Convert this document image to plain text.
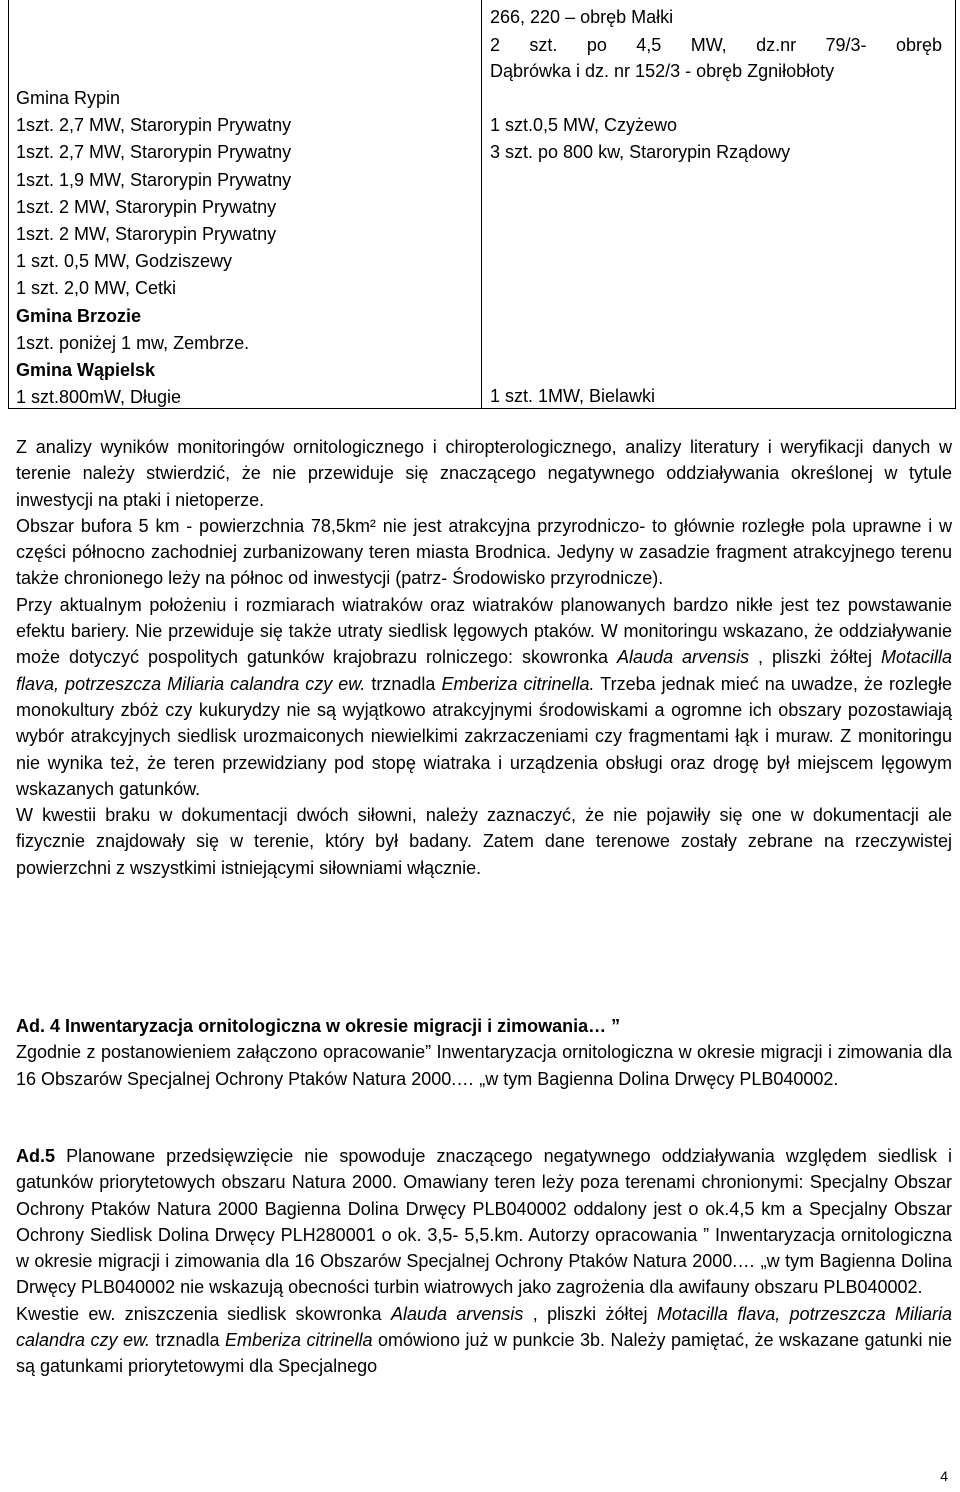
Gmina Rypin
1szt. 2,7 MW, Starorypin Prywatny
1szt. 2,7 MW, Starorypin Prywatny
1szt. 1,9 MW, Starorypin Prywatny
1szt. 2 MW, Starorypin Prywatny
1szt. 2 MW, Starorypin Prywatny
1 szt. 0,5 MW, Godziszewy
1 szt. 2,0 MW, Cetki
Gmina Brzozie
1szt. poniżej 1 mw, Zembrze.
Gmina Wąpielsk
1 szt.800mW, Długie
266, 220 – obręb Małki
2 szt. po 4,5 MW, dz.nr 79/3- obręb
Dąbrówka i dz. nr 152/3 - obręb Zgniłobłoty
1 szt.0,5 MW, Czyżewo
3 szt. po 800 kw, Starorypin Rządowy
1 szt. 1MW, Bielawki

Z analizy wyników monitoringów ornitologicznego i chiropterologicznego, analizy literatury i weryfikacji danych w terenie należy stwierdzić, że nie przewiduje się znaczącego negatywnego oddziaływania określonej w tytule inwestycji na ptaki i nietoperze.

Obszar bufora 5 km - powierzchnia 78,5km² nie jest atrakcyjna przyrodniczo- to głównie rozległe pola uprawne i w części północno zachodniej zurbanizowany teren miasta Brodnica. Jedyny w zasadzie fragment atrakcyjnego terenu także chronionego leży na północ od inwestycji (patrz- Środowisko przyrodnicze).

Przy aktualnym położeniu i rozmiarach wiatraków oraz wiatraków planowanych bardzo nikłe jest tez powstawanie efektu bariery. Nie przewiduje się także utraty siedlisk lęgowych ptaków. W monitoringu wskazano, że oddziaływanie może dotyczyć pospolitych gatunków krajobrazu rolniczego: skowronka Alauda arvensis , pliszki żółtej Motacilla flava, potrzeszcza Miliaria calandra czy ew. trznadla Emberiza citrinella. Trzeba jednak mieć na uwadze, że rozległe monokultury zbóż czy kukurydzy nie są wyjątkowo atrakcyjnymi środowiskami a ogromne ich obszary pozostawiają wybór atrakcyjnych siedlisk urozmaiconych niewielkimi zakrzaczeniami czy fragmentami łąk i muraw. Z monitoringu nie wynika też, że teren przewidziany pod stopę wiatraka i urządzenia obsługi oraz drogę był miejscem lęgowym wskazanych gatunków.

W kwestii braku w dokumentacji dwóch siłowni, należy zaznaczyć, że nie pojawiły się one w dokumentacji ale fizycznie znajdowały się w terenie, który był badany. Zatem dane terenowe zostały zebrane na rzeczywistej powierzchni z wszystkimi istniejącymi siłowniami włącznie.

Ad. 4 Inwentaryzacja ornitologiczna w okresie migracji i zimowania… ”

Zgodnie z postanowieniem załączono opracowanie” Inwentaryzacja ornitologiczna w okresie migracji i zimowania dla 16 Obszarów Specjalnej Ochrony Ptaków Natura 2000.… „w tym Bagienna Dolina Drwęcy PLB040002.

Ad.5 Planowane przedsięwzięcie nie spowoduje znaczącego negatywnego oddziaływania względem siedlisk i gatunków priorytetowych obszaru Natura 2000. Omawiany teren leży poza terenami chronionymi: Specjalny Obszar Ochrony Ptaków Natura 2000 Bagienna Dolina Drwęcy PLB040002 oddalony jest o ok.4,5 km a Specjalny Obszar Ochrony Siedlisk Dolina Drwęcy PLH280001 o ok. 3,5- 5,5.km. Autorzy opracowania ” Inwentaryzacja ornitologiczna w okresie migracji i zimowania dla 16 Obszarów Specjalnej Ochrony Ptaków Natura 2000.… „w tym Bagienna Dolina Drwęcy PLB040002 nie wskazują obecności turbin wiatrowych jako zagrożenia dla awifauny obszaru PLB040002.

Kwestie ew. zniszczenia siedlisk skowronka Alauda arvensis , pliszki żółtej Motacilla flava, potrzeszcza Miliaria calandra czy ew. trznadla Emberiza citrinella omówiono już w punkcie 3b. Należy pamiętać, że wskazane gatunki nie są gatunkami priorytetowymi dla Specjalnego

4
